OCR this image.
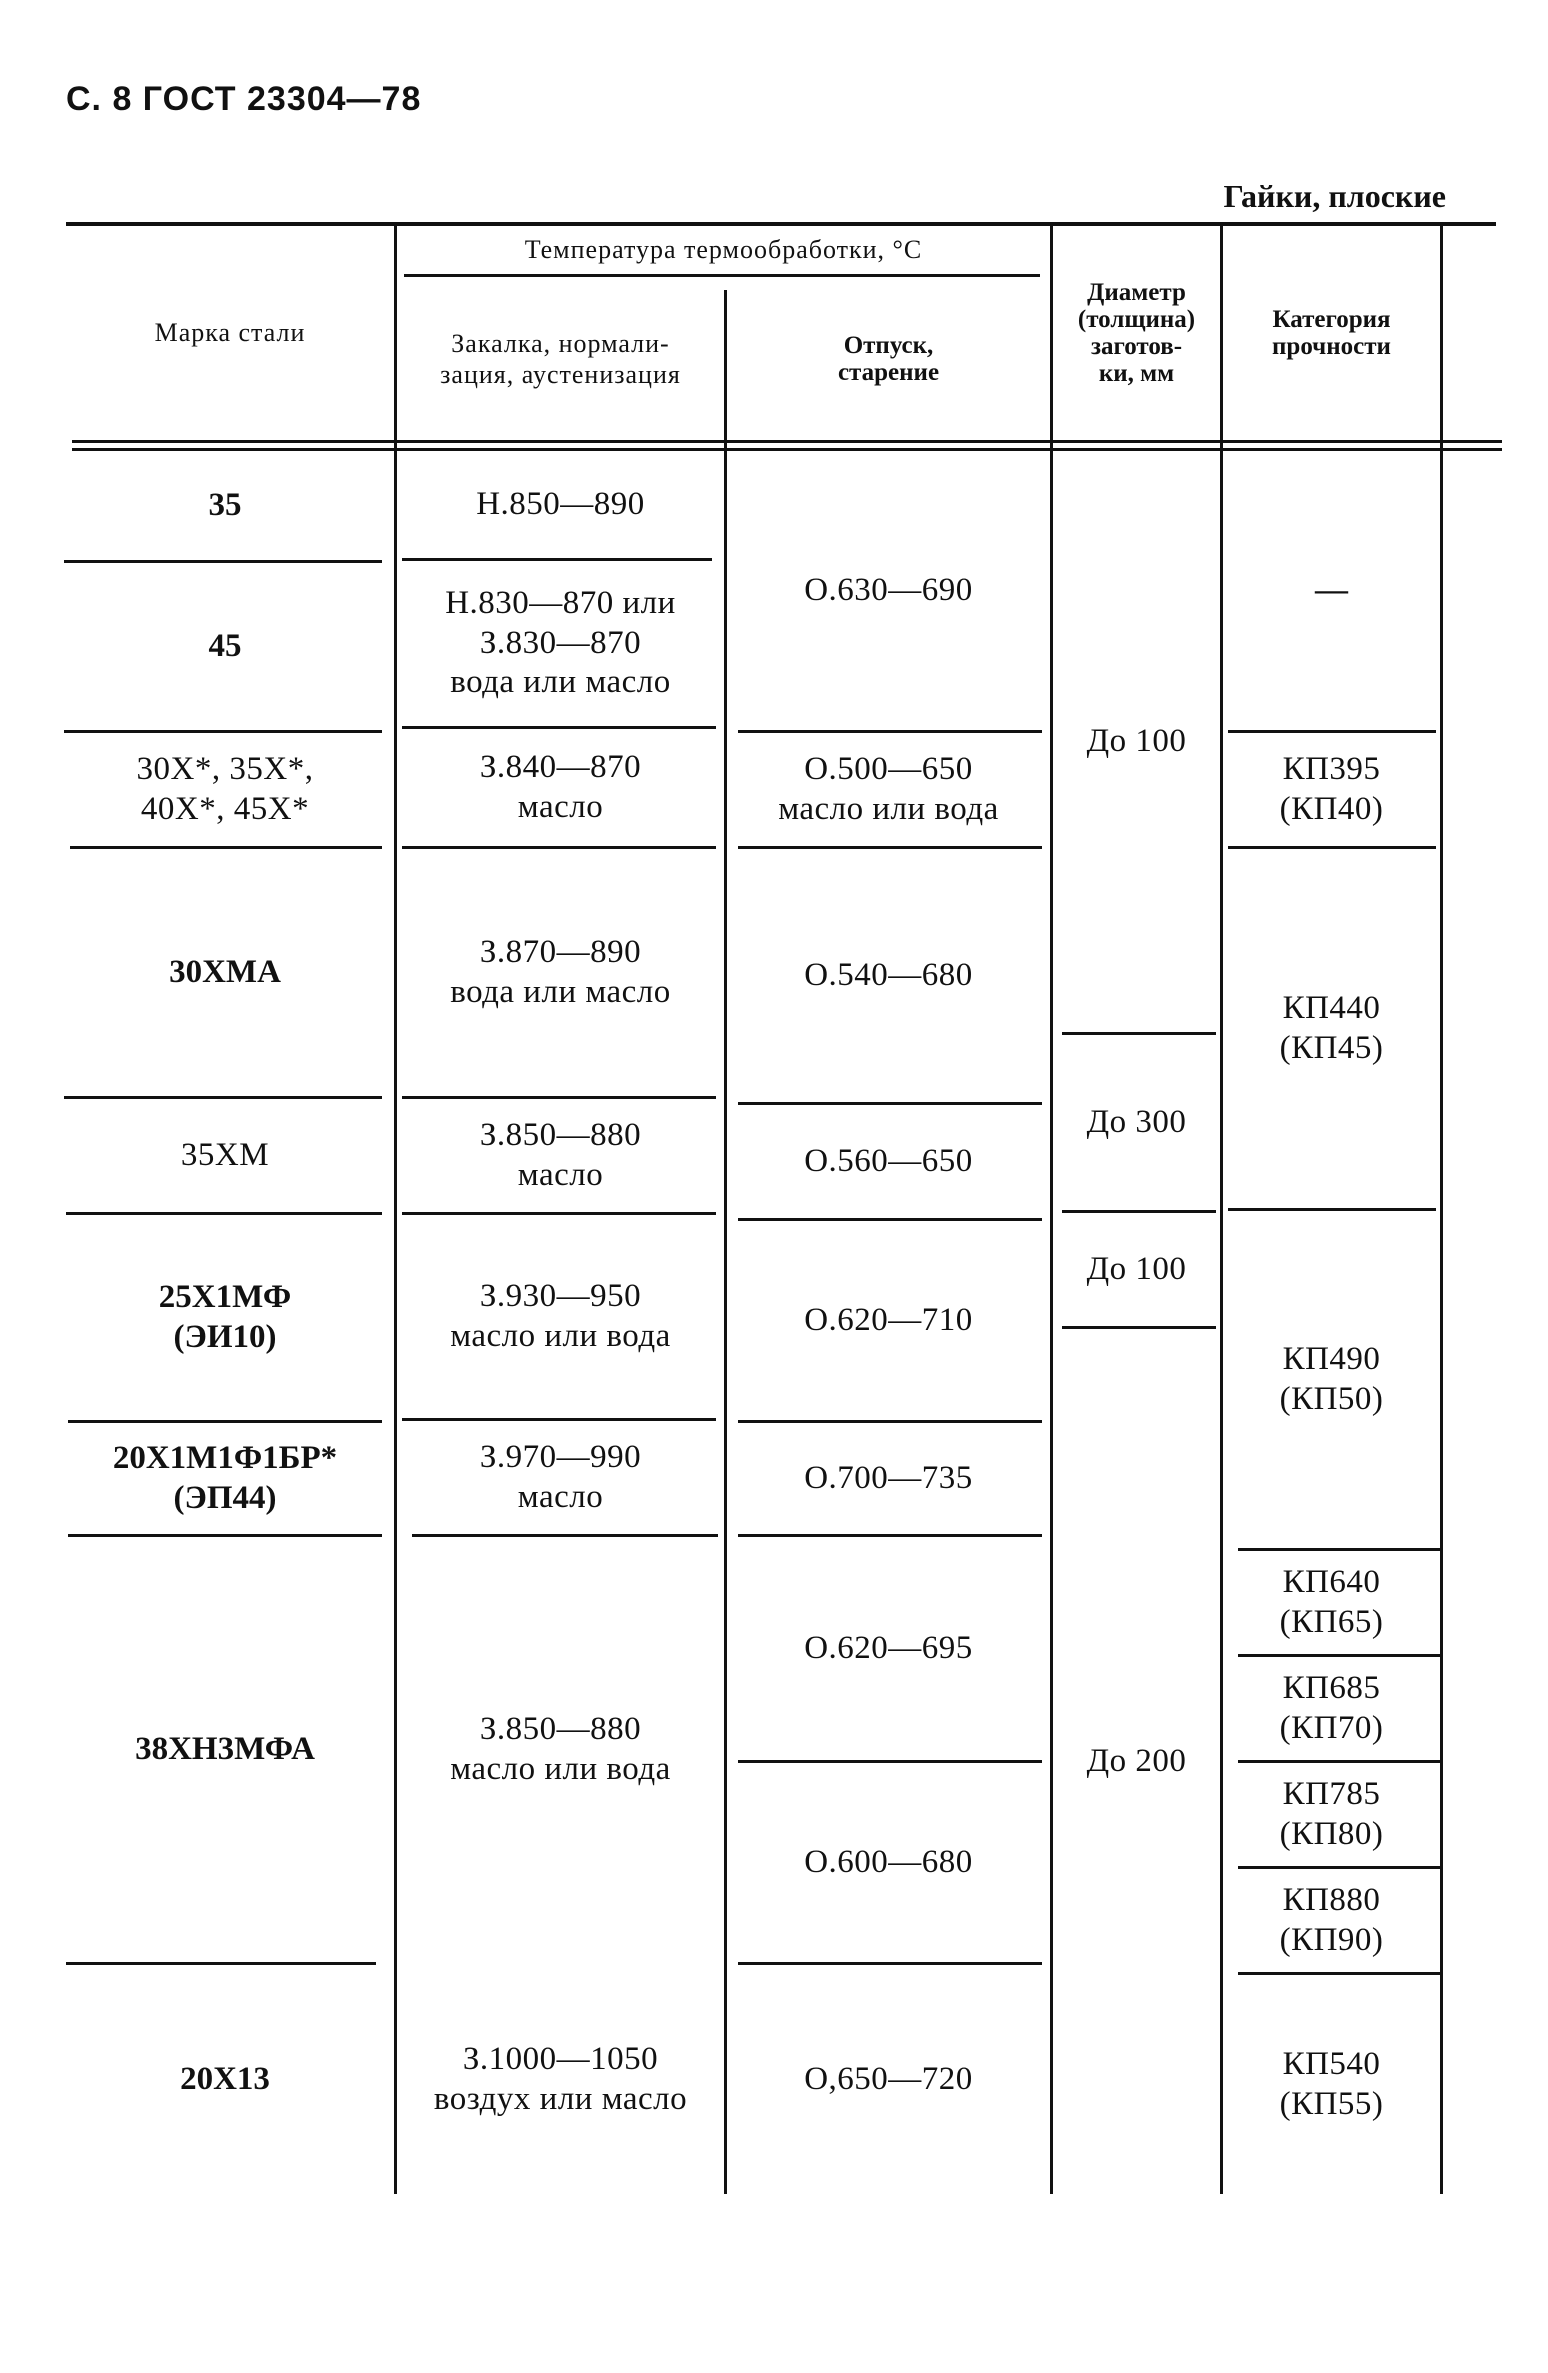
С. 8 ГОСТ 23304—78
Гайки, плоские
Марка стали
Температура термообработки, °С
Закалка, нормали-
зация, аустенизация
Отпуск,
старение
Диаметр
(толщина)
заготов-
ки, мм
Категория
прочности
35
45
30Х*, 35Х*,
40Х*, 45Х*
30ХМА
35ХМ
25Х1МФ
(ЭИ10)
20Х1М1Ф1БР*
(ЭП44)
38ХН3МФА
20Х13
Н.850—890
Н.830—870 или
З.830—870
вода или масло
З.840—870
масло
З.870—890
вода или масло
З.850—880
масло
З.930—950
масло или вода
З.970—990
масло
З.850—880
масло или вода
З.1000—1050
воздух или масло
О.630—690
О.500—650
масло или вода
О.540—680
О.560—650
О.620—710
О.700—735
О.620—695
О.600—680
О,650—720
До 100
До 300
До 100
До 200
—
КП395
(КП40)
КП440
(КП45)
КП490
(КП50)
КП640
(КП65)
КП685
(КП70)
КП785
(КП80)
КП880
(КП90)
КП540
(КП55)
